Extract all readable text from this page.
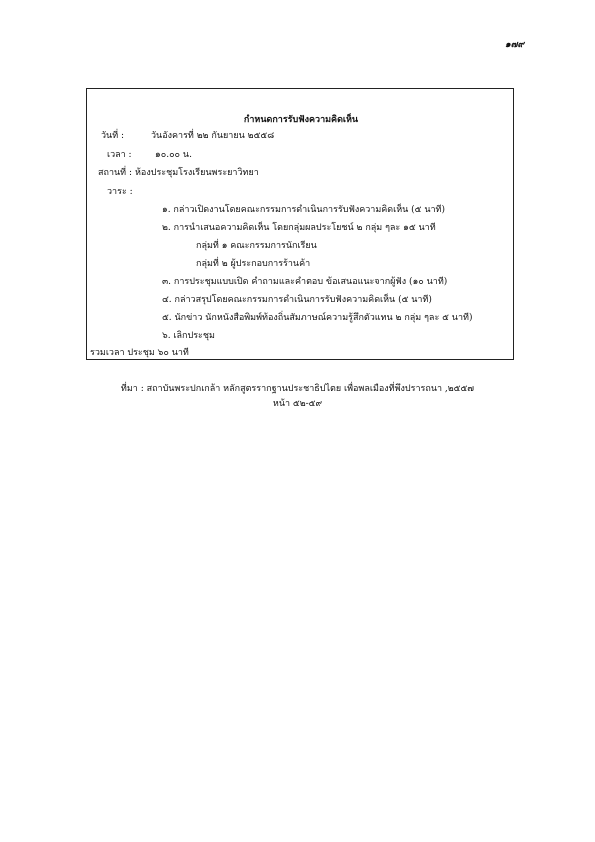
๑๗๙
กำหนดการรับฟังความคิดเห็น
วันที่ :	วันอังคารที่ ๒๒ กันยายน ๒๕๕๘
เวลา :	๑๐.๐๐ น.
สถานที่ : ห้องประชุมโรงเรียนพระยาวิทยา
วาระ :
๑. กล่าวเปิดงานโดยคณะกรรมการดำเนินการรับฟังความคิดเห็น (๕ นาที)
๒. การนำเสนอความคิดเห็น โดยกลุ่มผลประโยชน์ ๒ กลุ่ม ๆละ ๑๕ นาที
กลุ่มที่ ๑ คณะกรรมการนักเรียน
กลุ่มที่ ๒ ผู้ประกอบการร้านค้า
๓. การประชุมแบบเปิด คำถามและคำตอบ ข้อเสนอแนะจากผู้ฟัง (๑๐ นาที)
๔. กล่าวสรุปโดยคณะกรรมการดำเนินการรับฟังความคิดเห็น (๕ นาที)
๕. นักข่าว นักหนังสือพิมพ์ท้องถิ่นสัมภาษณ์ความรู้สึกตัวแทน ๒ กลุ่ม ๆละ ๕ นาที)
๖. เลิกประชุม
รวมเวลา ประชุม ๖๐ นาที
ที่มา : สถาบันพระปกเกล้า หลักสูตรรากฐานประชาธิปไตย เพื่อพลเมืองที่พึงปรารถนา ,๒๕๕๗
หน้า ๕๒-๕๙
